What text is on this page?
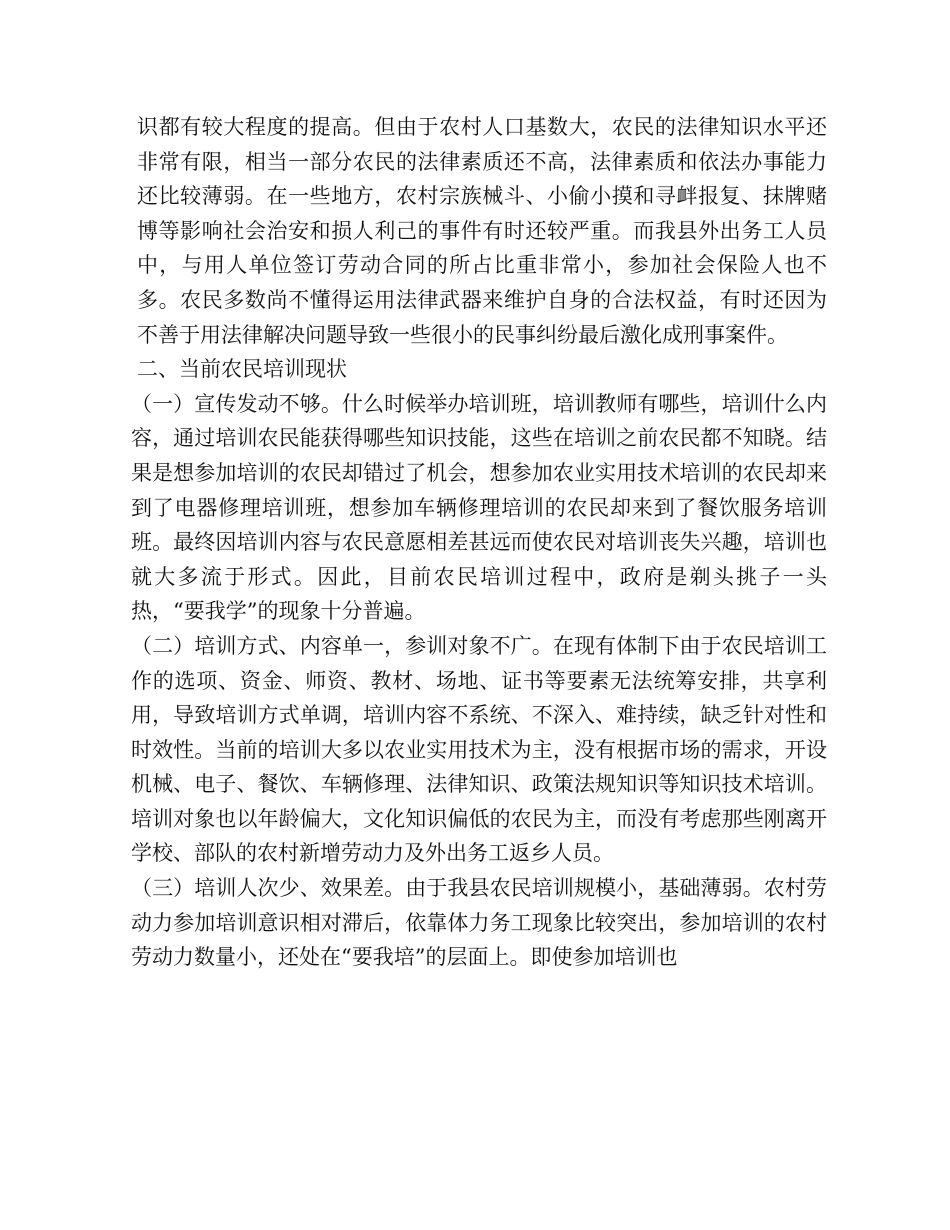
识都有较大程度的提高。但由于农村人口基数大，农民的法律知识水平还非常有限，相当一部分农民的法律素质还不高，法律素质和依法办事能力还比较薄弱。在一些地方，农村宗族械斗、小偷小摸和寻衅报复、抹牌赌博等影响社会治安和损人利己的事件有时还较严重。而我县外出务工人员中，与用人单位签订劳动合同的所占比重非常小，参加社会保险人也不多。农民多数尚不懂得运用法律武器来维护自身的合法权益，有时还因为不善于用法律解决问题导致一些很小的民事纠纷最后激化成刑事案件。

二、当前农民培训现状

（一）宣传发动不够。什么时候举办培训班，培训教师有哪些，培训什么内容，通过培训农民能获得哪些知识技能，这些在培训之前农民都不知晓。结果是想参加培训的农民却错过了机会，想参加农业实用技术培训的农民却来到了电器修理培训班，想参加车辆修理培训的农民却来到了餐饮服务培训班。最终因培训内容与农民意愿相差甚远而使农民对培训丧失兴趣，培训也就大多流于形式。因此，目前农民培训过程中，政府是剃头挑子一头热，“要我学”的现象十分普遍。

（二）培训方式、内容单一，参训对象不广。在现有体制下由于农民培训工作的选项、资金、师资、教材、场地、证书等要素无法统筹安排，共享利用，导致培训方式单调，培训内容不系统、不深入、难持续，缺乏针对性和时效性。当前的培训大多以农业实用技术为主，没有根据市场的需求，开设机械、电子、餐饮、车辆修理、法律知识、政策法规知识等知识技术培训。培训对象也以年龄偏大，文化知识偏低的农民为主，而没有考虑那些刚离开学校、部队的农村新增劳动力及外出务工返乡人员。

（三）培训人次少、效果差。由于我县农民培训规模小，基础薄弱。农村劳动力参加培训意识相对滞后，依靠体力务工现象比较突出，参加培训的农村劳动力数量小，还处在“要我培”的层面上。即使参加培训也
